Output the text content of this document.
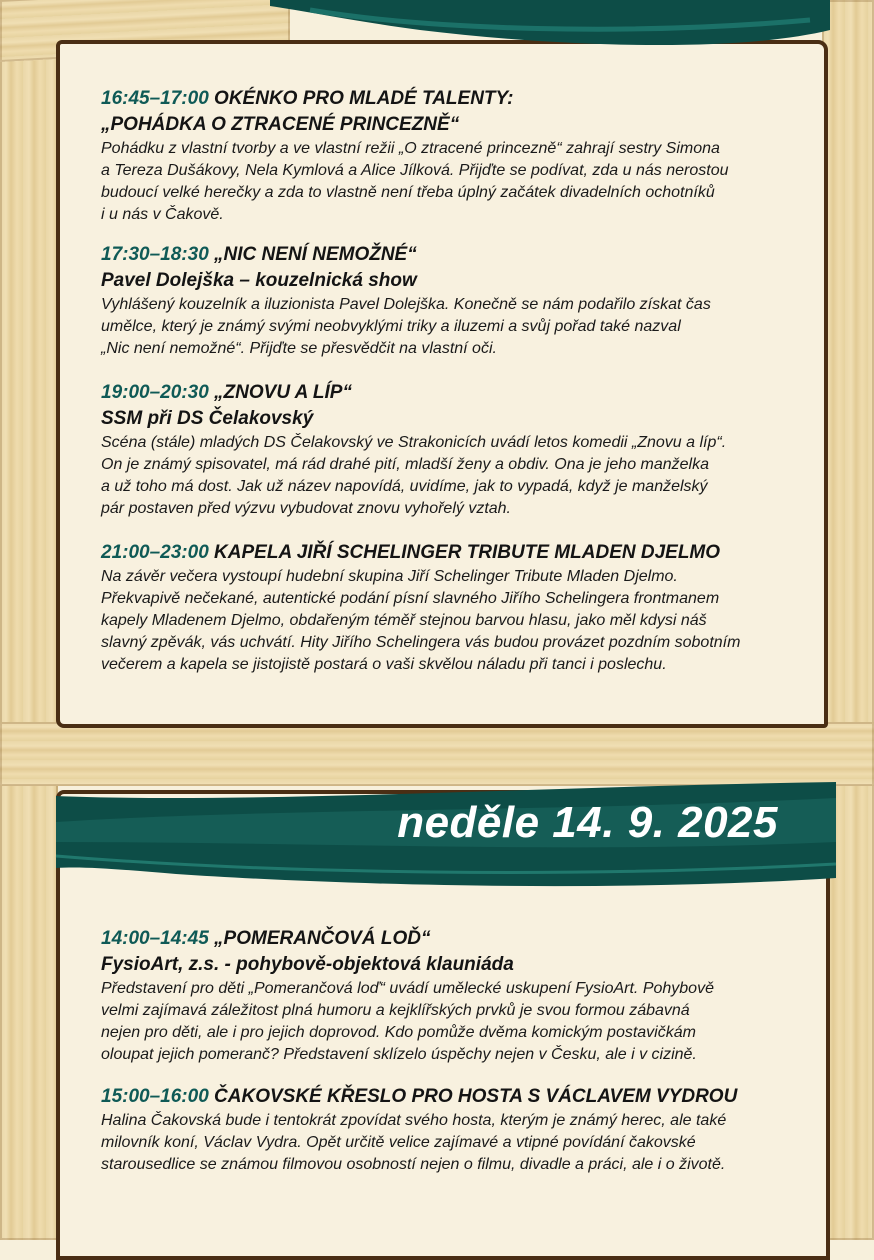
neděle 14. 9. 2025
16:45–17:00 OKÉNKO PRO MLADÉ TALENTY:
„POHÁDKA O ZTRACENÉ PRINCEZNĚ“
Pohádku z vlastní tvorby a ve vlastní režii „O ztracené princezně“ zahrají sestry Simona
a Tereza Dušákovy, Nela Kymlová a Alice Jílková. Přijďte se podívat, zda u nás nerostou
budoucí velké herečky a zda to vlastně není třeba úplný začátek divadelních ochotníků
i u nás v Čakově.
17:30–18:30 „NIC NENÍ NEMOŽNÉ“
Pavel Dolejška – kouzelnická show
Vyhlášený kouzelník a iluzionista Pavel Dolejška. Konečně se nám podařilo získat čas
umělce, který je známý svými neobvyklými triky a iluzemi a svůj pořad také nazval
„Nic není nemožné“. Přijďte se přesvědčit na vlastní oči.
19:00–20:30 „ZNOVU A LÍP“
SSM při DS Čelakovský
Scéna (stále) mladých DS Čelakovský ve Strakonicích uvádí letos komedii „Znovu a líp“.
On je známý spisovatel, má rád drahé pití, mladší ženy a obdiv. Ona je jeho manželka
a už toho má dost. Jak už název napovídá, uvidíme, jak to vypadá, když je manželský
pár postaven před výzvu vybudovat znovu vyhořelý vztah.
21:00–23:00 KAPELA JIŘÍ SCHELINGER TRIBUTE MLADEN DJELMO
Na závěr večera vystoupí hudební skupina Jiří Schelinger Tribute Mladen Djelmo.
Překvapivě nečekané, autentické podání písní slavného Jiřího Schelingera frontmanem
kapely Mladenem Djelmo, obdařeným téměř stejnou barvou hlasu, jako měl kdysi náš
slavný zpěvák, vás uchvátí. Hity Jiřího Schelingera vás budou provázet pozdním sobotním
večerem a kapela se jistojistě postará o vaši skvělou náladu při tanci i poslechu.
14:00–14:45 „POMERANČOVÁ LOĎ“
FysioArt, z.s. - pohybově-objektová klauniáda
Představení pro děti „Pomerančová loď“ uvádí umělecké uskupení FysioArt. Pohybově
velmi zajímavá záležitost plná humoru a kejklířských prvků je svou formou zábavná
nejen pro děti, ale i pro jejich doprovod. Kdo pomůže dvěma komickým postavičkám
oloupat jejich pomeranč? Představení sklízelo úspěchy nejen v Česku, ale i v cizině.
15:00–16:00 ČAKOVSKÉ KŘESLO PRO HOSTA S VÁCLAVEM VYDROU
Halina Čakovská bude i tentokrát zpovídat svého hosta, kterým je známý herec, ale také
milovník koní, Václav Vydra. Opět určitě velice zajímavé a vtipné povídání čakovské
starousedlice se známou filmovou osobností nejen o filmu, divadle a práci, ale i o životě.
